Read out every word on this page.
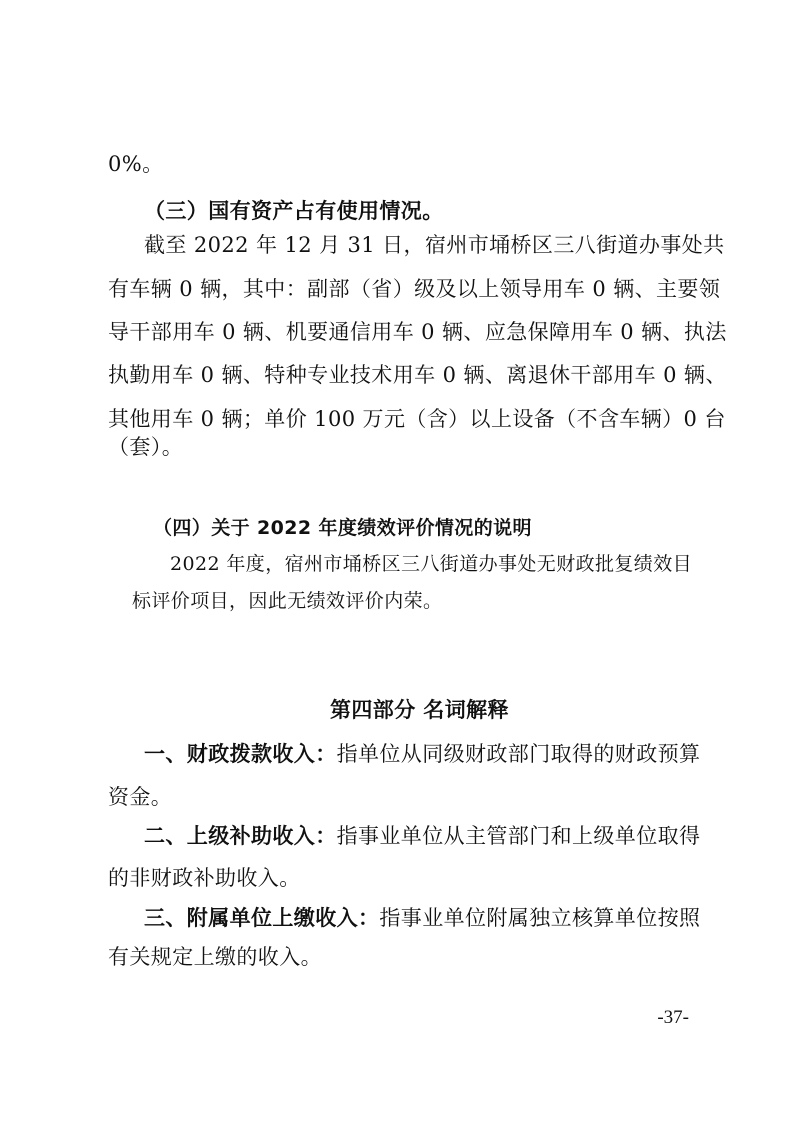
0%。

（三）国有资产占有使用情况。

截至 2022 年 12 月 31 日，宿州市埇桥区三八街道办事处共

有车辆 0 辆，其中：副部（省）级及以上领导用车 0 辆、主要领

导干部用车 0 辆、机要通信用车 0 辆、应急保障用车 0 辆、执法

执勤用车 0 辆、特种专业技术用车 0 辆、离退休干部用车 0 辆、

其他用车 0 辆；单价 100 万元（含）以上设备（不含车辆）0 台

（套）。

（四）关于 2022 年度绩效评价情况的说明

2022 年度，宿州市埇桥区三八街道办事处无财政批复绩效目

标评价项目，因此无绩效评价内荣。

第四部分 名词解释

一、财政拨款收入：指单位从同级财政部门取得的财政预算

资金。

二、上级补助收入：指事业单位从主管部门和上级单位取得

的非财政补助收入。

三、附属单位上缴收入：指事业单位附属独立核算单位按照

有关规定上缴的收入。

-37-
